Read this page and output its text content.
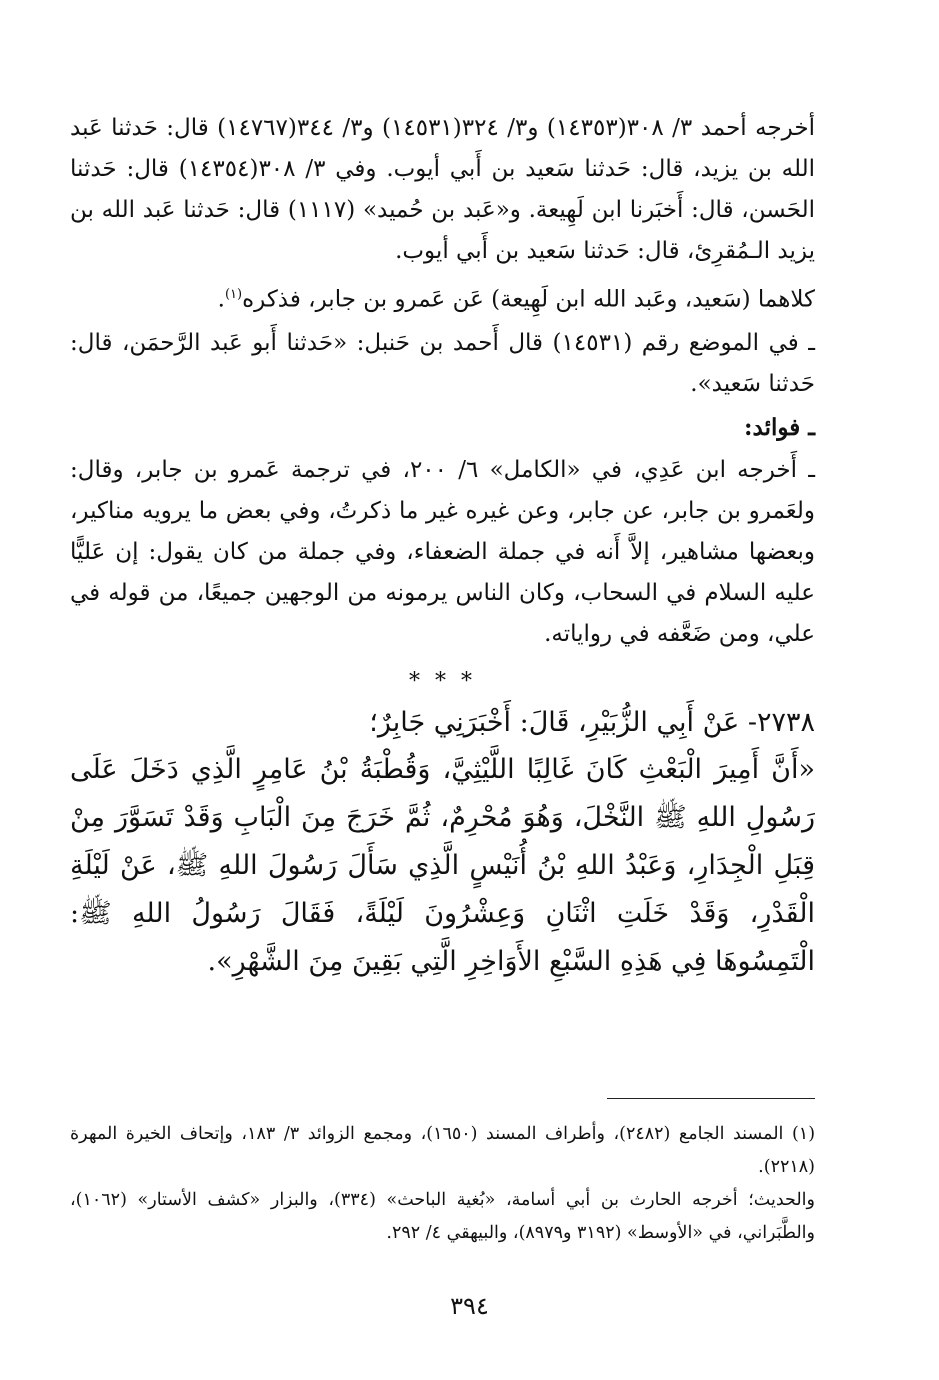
أخرجه أحمد ٣/ ٣٠٨(١٤٣٥٣) و٣/ ٣٢٤(١٤٥٣١) و٣/ ٣٤٤(١٤٧٦٧) قال: حَدثنا عَبد الله بن يزيد، قال: حَدثنا سَعيد بن أَبي أيوب. وفي ٣/ ٣٠٨(١٤٣٥٤) قال: حَدثنا الحَسن، قال: أَخبَرنا ابن لَهِيعة. و«عَبد بن حُميد» (١١١٧) قال: حَدثنا عَبد الله بن يزيد الـمُقرِئ، قال: حَدثنا سَعيد بن أَبي أيوب.

كلاهما (سَعيد، وعَبد الله ابن لَهِيعة) عَن عَمرو بن جابر، فذكره$^{(١)}$.

ـ في الموضع رقم (١٤٥٣١) قال أَحمد بن حَنبل: «حَدثنا أَبو عَبد الرَّحمَن، قال: حَدثنا سَعيد».

ـ فوائد:

ـ أَخرجه ابن عَدِي، في «الكامل» ٦/ ٢٠٠، في ترجمة عَمرو بن جابر، وقال: ولعَمرو بن جابر، عن جابر، وعن غيره غير ما ذكرتُ، وفي بعض ما يرويه مناكير، وبعضها مشاهير، إلاَّ أَنه في جملة الضعفاء، وفي جملة من كان يقول: إن عَليًّا عليه السلام في السحاب، وكان الناس يرمونه من الوجهين جميعًا، من قوله في علي، ومن ضَعَّفه في رواياته.

* * *

٢٧٣٨- عَنْ أَبِي الزُّبَيْرِ، قَالَ: أَخْبَرَنِي جَابِرٌ؛

«أَنَّ أَمِيرَ الْبَعْثِ كَانَ غَالِبًا اللَّيْثِيَّ، وَقُطْبَةُ بْنُ عَامِرٍ الَّذِي دَخَلَ عَلَى رَسُولِ اللهِ ﷺ النَّخْلَ، وَهُوَ مُحْرِمٌ، ثُمَّ خَرَجَ مِنَ الْبَابِ وَقَدْ تَسَوَّرَ مِنْ قِبَلِ الْجِدَارِ، وَعَبْدُ اللهِ بْنُ أُنَيْسٍ الَّذِي سَأَلَ رَسُولَ اللهِ ﷺ، عَنْ لَيْلَةِ الْقَدْرِ، وَقَدْ خَلَتِ اثْنَانِ وَعِشْرُونَ لَيْلَةً، فَقَالَ رَسُولُ اللهِ ﷺ: الْتَمِسُوهَا فِي هَذِهِ السَّبْعِ الأَوَاخِرِ الَّتِي بَقِينَ مِنَ الشَّهْرِ».

(١) المسند الجامع (٢٤٨٢)، وأطراف المسند (١٦٥٠)، ومجمع الزوائد ٣/ ١٨٣، وإتحاف الخيرة المهرة (٢٢١٨).

والحديث؛ أخرجه الحارث بن أبي أسامة، «بُغية الباحث» (٣٣٤)، والبزار «كشف الأستار» (١٠٦٢)، والطَّبَراني، في «الأوسط» (٣١٩٢ و٨٩٧٩)، والبيهقي ٤/ ٢٩٢.

٣٩٤
